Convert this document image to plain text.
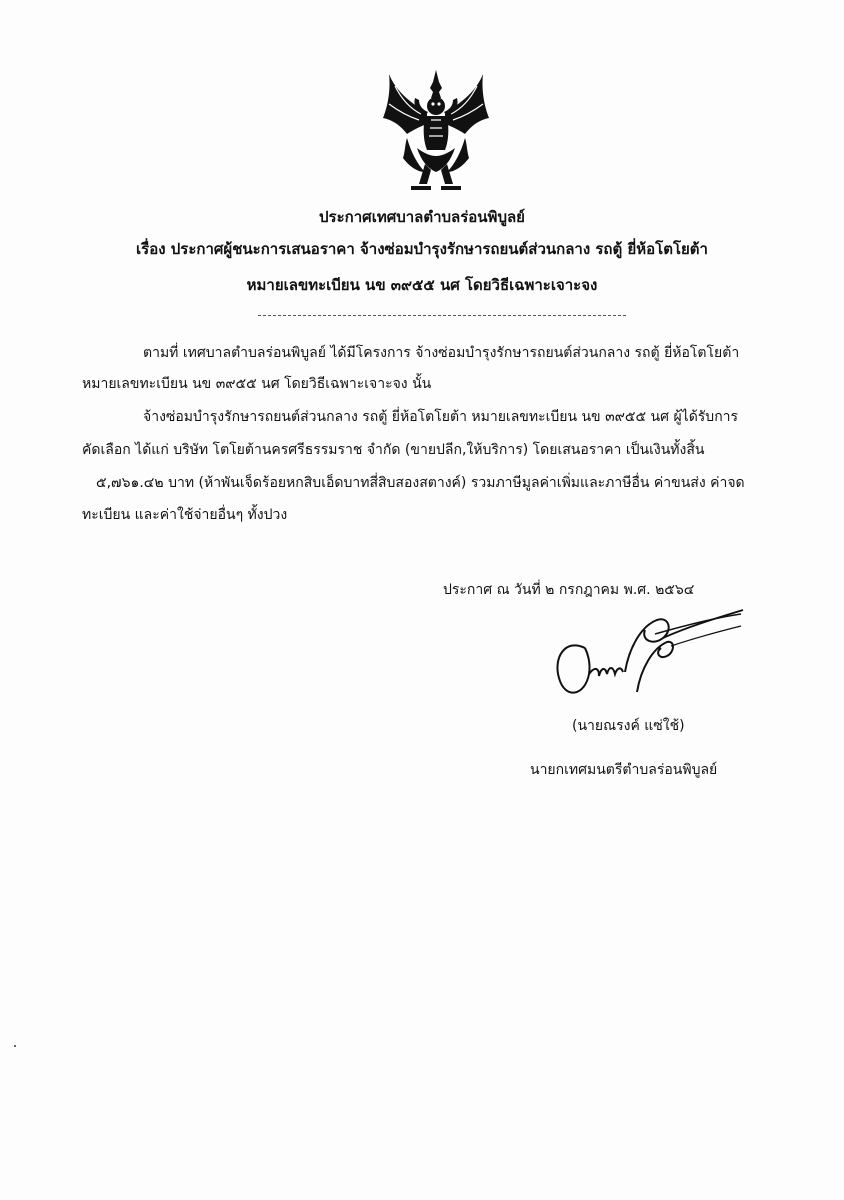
ประกาศเทศบาลตำบลร่อนพิบูลย์
เรื่อง ประกาศผู้ชนะการเสนอราคา จ้างซ่อมบำรุงรักษารถยนต์ส่วนกลาง รถตู้ ยี่ห้อโตโยต้า
หมายเลขทะเบียน นข ๓๙๕๕ นศ โดยวิธีเฉพาะเจาะจง
ตามที่ เทศบาลตำบลร่อนพิบูลย์ ได้มีโครงการ จ้างซ่อมบำรุงรักษารถยนต์ส่วนกลาง รถตู้ ยี่ห้อโตโยต้า
หมายเลขทะเบียน นข ๓๙๕๕ นศ โดยวิธีเฉพาะเจาะจง นั้น
จ้างซ่อมบำรุงรักษารถยนต์ส่วนกลาง รถตู้ ยี่ห้อโตโยต้า หมายเลขทะเบียน นข ๓๙๕๕ นศ ผู้ได้รับการ
คัดเลือก ได้แก่ บริษัท โตโยต้านครศรีธรรมราช จำกัด (ขายปลีก,ให้บริการ) โดยเสนอราคา เป็นเงินทั้งสิ้น
๕,๗๖๑.๔๒ บาท (ห้าพันเจ็ดร้อยหกสิบเอ็ดบาทสี่สิบสองสตางค์) รวมภาษีมูลค่าเพิ่มและภาษีอื่น ค่าขนส่ง ค่าจด
ทะเบียน และค่าใช้จ่ายอื่นๆ ทั้งปวง
ประกาศ ณ วันที่ ๒ กรกฎาคม พ.ศ. ๒๕๖๔
(นายณรงค์ แซ่ใช้)
นายกเทศมนตรีตำบลร่อนพิบูลย์
